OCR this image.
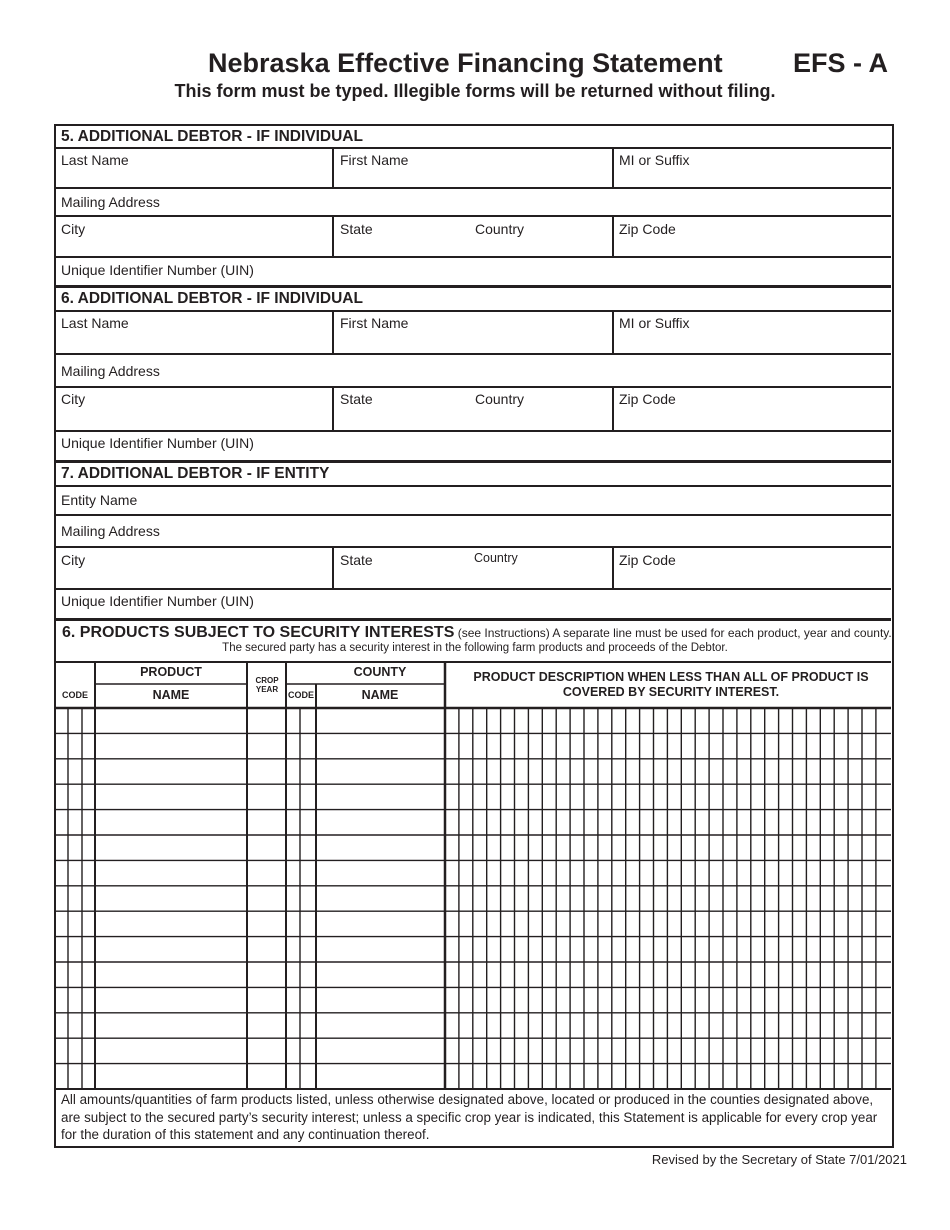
Nebraska Effective Financing Statement	EFS - A
This form must be typed. Illegible forms will be returned without filing.
5. ADDITIONAL DEBTOR - IF INDIVIDUAL
Last Name	First Name	MI or Suffix
Mailing Address
City	State	Country	Zip Code
Unique Identifier Number (UIN)
6. ADDITIONAL DEBTOR - IF INDIVIDUAL
Last Name	First Name	MI or Suffix
Mailing Address
City	State	Country	Zip Code
Unique Identifier Number (UIN)
7. ADDITIONAL DEBTOR - IF ENTITY
Entity Name
Mailing Address
City	State	Country	Zip Code
Unique Identifier Number (UIN)
6. PRODUCTS SUBJECT TO SECURITY INTERESTS (see Instructions) A separate line must be used for each product, year and county.
The secured party has a security interest in the following farm products and proceeds of the Debtor.
PRODUCT
CODE	NAME
CROP
YEAR
COUNTY
CODE	NAME
PRODUCT DESCRIPTION WHEN LESS THAN ALL OF PRODUCT IS COVERED BY SECURITY INTEREST.
All amounts/quantities of farm products listed, unless otherwise designated above, located or produced in the counties designated above, are subject to the secured party’s security interest; unless a specific crop year is indicated, this Statement is applicable for every crop year for the duration of this statement and any continuation thereof.
Revised by the Secretary of State 7/01/2021
